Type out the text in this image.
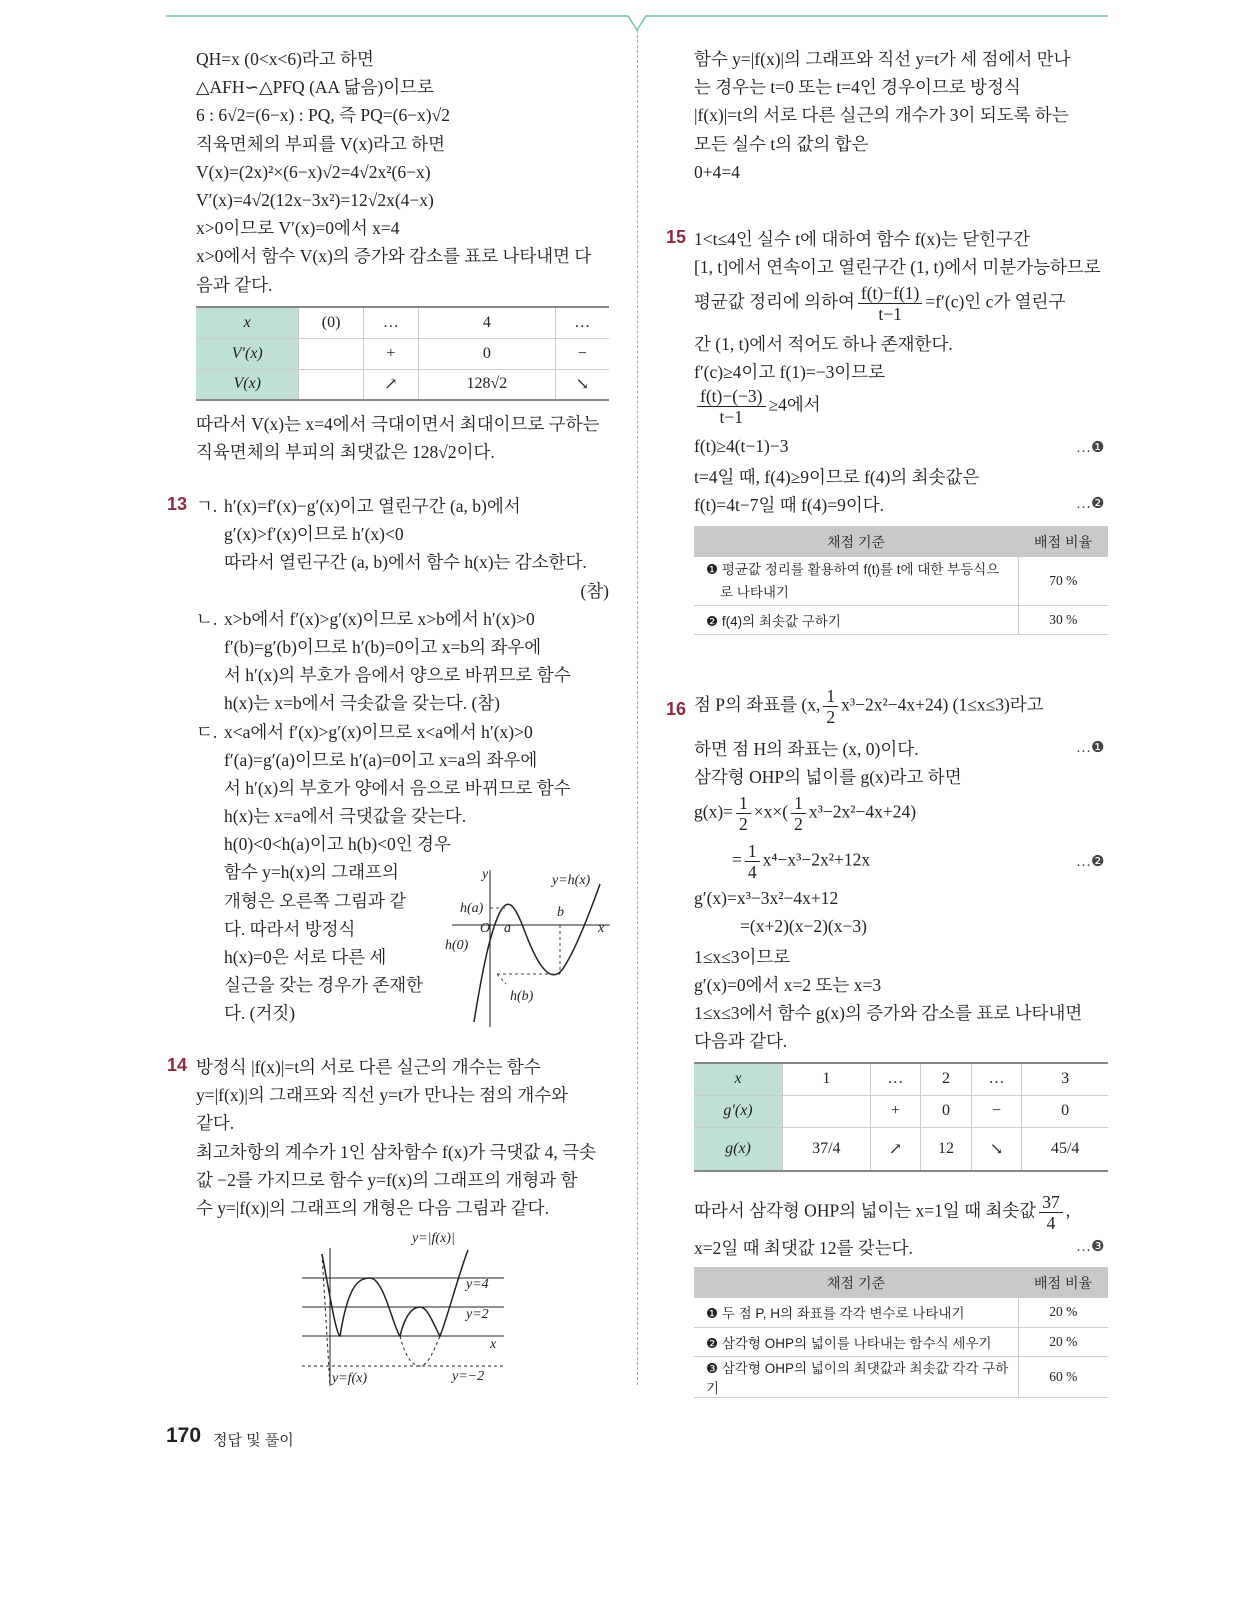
QH=x (0<x<6)라고 하면
△AFH∽△PFQ (AA 닮음)이므로
6 : 6√2=(6−x) : PQ, 즉 PQ=(6−x)√2
직육면체의 부피를 V(x)라고 하면
V(x)=(2x)²×(6−x)√2=4√2x²(6−x)
V′(x)=4√2(12x−3x²)=12√2x(4−x)
x>0이므로 V′(x)=0에서 x=4
x>0에서 함수 V(x)의 증가와 감소를 표로 나타내면 다
음과 같다.
x	(0)	…	4	…
V′(x)		+	0	−
V(x)		↗	128√2	↘
따라서 V(x)는 x=4에서 극대이면서 최대이므로 구하는
직육면체의 부피의 최댓값은 128√2이다.
13 ㄱ. h′(x)=f′(x)−g′(x)이고 열린구간 (a, b)에서
g′(x)>f′(x)이므로 h′(x)<0
따라서 열린구간 (a, b)에서 함수 h(x)는 감소한다.
(참)
ㄴ. x>b에서 f′(x)>g′(x)이므로 x>b에서 h′(x)>0
f′(b)=g′(b)이므로 h′(b)=0이고 x=b의 좌우에
서 h′(x)의 부호가 음에서 양으로 바뀌므로 함수
h(x)는 x=b에서 극솟값을 갖는다. (참)
ㄷ. x<a에서 f′(x)>g′(x)이므로 x<a에서 h′(x)>0
f′(a)=g′(a)이므로 h′(a)=0이고 x=a의 좌우에
서 h′(x)의 부호가 양에서 음으로 바뀌므로 함수
h(x)는 x=a에서 극댓값을 갖는다.
h(0)<0<h(a)이고 h(b)<0인 경우
함수 y=h(x)의 그래프의
개형은 오른쪽 그림과 같
다. 따라서 방정식
h(x)=0은 서로 다른 세
실근을 갖는 경우가 존재한
다. (거짓)
y	y=h(x)
h(a)
O a
b
x
h(0)
h(b)
14 방정식 |f(x)|=t의 서로 다른 실근의 개수는 함수
y=|f(x)|의 그래프와 직선 y=t가 만나는 점의 개수와
같다.
최고차항의 계수가 1인 삼차함수 f(x)가 극댓값 4, 극솟
값 −2를 가지므로 함수 y=f(x)의 그래프의 개형과 함
수 y=|f(x)|의 그래프의 개형은 다음 그림과 같다.
y=|f(x)|
y=4
y=2
x
y=f(x)	y=−2
170 정답 및 풀이
함수 y=|f(x)|의 그래프와 직선 y=t가 세 점에서 만나
는 경우는 t=0 또는 t=4인 경우이므로 방정식
|f(x)|=t의 서로 다른 실근의 개수가 3이 되도록 하는
모든 실수 t의 값의 합은
0+4=4
15 1<t≤4인 실수 t에 대하여 함수 f(x)는 닫힌구간
[1, t]에서 연속이고 열린구간 (1, t)에서 미분가능하므로
평균값 정리에 의하여 $\frac{f(t)-f(1)}{t-1} =f'(c)$인 c가 열린구
간 (1, t)에서 적어도 하나 존재한다.
f′(c)≥4이고 f(1)=−3이므로
$\frac{f(t)-(-3)}{t-1} \ge 4$에서
f(t)≥4(t−1)−3	…❶
t=4일 때, f(4)≥9이므로 f(4)의 최솟값은
f(t)=4t−7일 때 f(4)=9이다.	…❷
채점 기준	배점 비율
❶ 평균값 정리를 활용하여 f(t)를 t에 대한 부등식으
로 나타내기	70 %
❷ f(4)의 최솟값 구하기	30 %
16 점 P의 좌표를 (x, $\frac{1}{2} x^3-2x^2-4x+24$) (1≤x≤3)라고
하면 점 H의 좌표는 (x, 0)이다.	…❶
삼각형 OHP의 넓이를 g(x)라고 하면
$g(x)= \frac{1}{2} \times x\times( \frac{1}{2} x^3-2x^2-4x+24)$
= $\frac{1}{4} x^4-x^3-2x^2+12x$	…❷
g′(x)=x³−3x²−4x+12
=(x+2)(x−2)(x−3)
1≤x≤3이므로
g′(x)=0에서 x=2 또는 x=3
1≤x≤3에서 함수 g(x)의 증가와 감소를 표로 나타내면
다음과 같다.
x	1	…	2	…	3
g′(x)		+	0	−	0
g(x)	37/4	↗	12	↘	45/4
따라서 삼각형 OHP의 넓이는 x=1일 때 최솟값 $\frac{37}{4}$ ,
x=2일 때 최댓값 12를 갖는다.	…❸
채점 기준	배점 비율
❶ 두 점 P, H의 좌표를 각각 변수로 나타내기	20 %
❷ 삼각형 OHP의 넓이를 나타내는 함수식 세우기	20 %
❸ 삼각형 OHP의 넓이의 최댓값과 최솟값 각각 구하기	60 %
